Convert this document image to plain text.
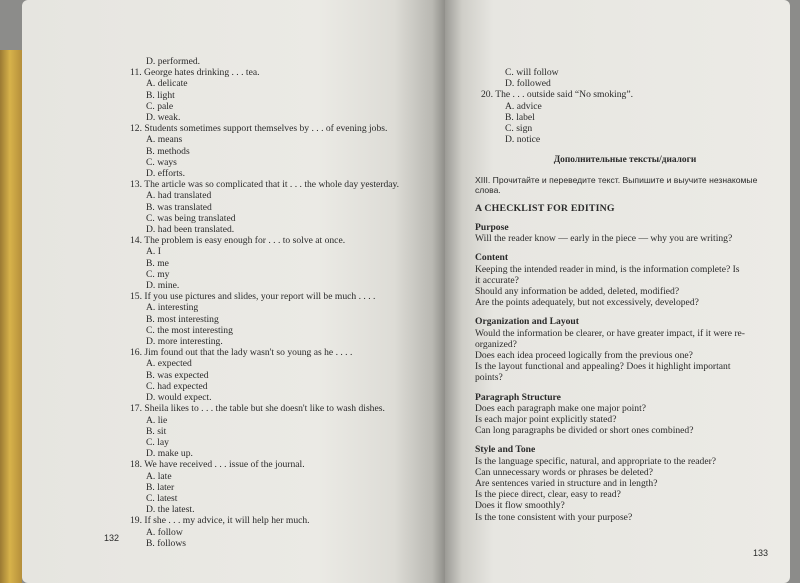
D. performed.
11. George hates drinking . . . tea.
A. delicate
B. light
C. pale
D. weak.
12. Students sometimes support themselves by . . . of evening jobs.
A. means
B. methods
C. ways
D. efforts.
13. The article was so complicated that it . . . the whole day yesterday.
A. had translated
B. was translated
C. was being translated
D. had been translated.
14. The problem is easy enough for . . . to solve at once.
A. I
B. me
C. my
D. mine.
15. If you use pictures and slides, your report will be much . . . .
A. interesting
B. most interesting
C. the most interesting
D. more interesting.
16. Jim found out that the lady wasn't so young as he . . . .
A. expected
B. was expected
C. had expected
D. would expect.
17. Sheila likes to . . . the table but she doesn't like to wash dishes.
A. lie
B. sit
C. lay
D. make up.
18. We have received . . . issue of the journal.
A. late
B. later
C. latest
D. the latest.
19. If she . . . my advice, it will help her much.
A. follow
B. follows
132
C. will follow
D. followed
20. The . . . outside said “No smoking”.
A. advice
B. label
C. sign
D. notice
Дополнительные тексты/диалоги
XIII. Прочитайте и переведите текст. Выпишите и выучите незнакомые
слова.
A CHECKLIST FOR EDITING
Purpose
Will the reader know — early in the piece — why you are writing?
Content
Keeping the intended reader in mind, is the information complete? Is
it accurate?
Should any information be added, deleted, modified?
Are the points adequately, but not excessively, developed?
Organization and Layout
Would the information be clearer, or have greater impact, if it were re-
organized?
Does each idea proceed logically from the previous one?
Is the layout functional and appealing? Does it highlight important
points?
Paragraph Structure
Does each paragraph make one major point?
Is each major point explicitly stated?
Can long paragraphs be divided or short ones combined?
Style and Tone
Is the language specific, natural, and appropriate to the reader?
Can unnecessary words or phrases be deleted?
Are sentences varied in structure and in length?
Is the piece direct, clear, easy to read?
Does it flow smoothly?
Is the tone consistent with your purpose?
133
